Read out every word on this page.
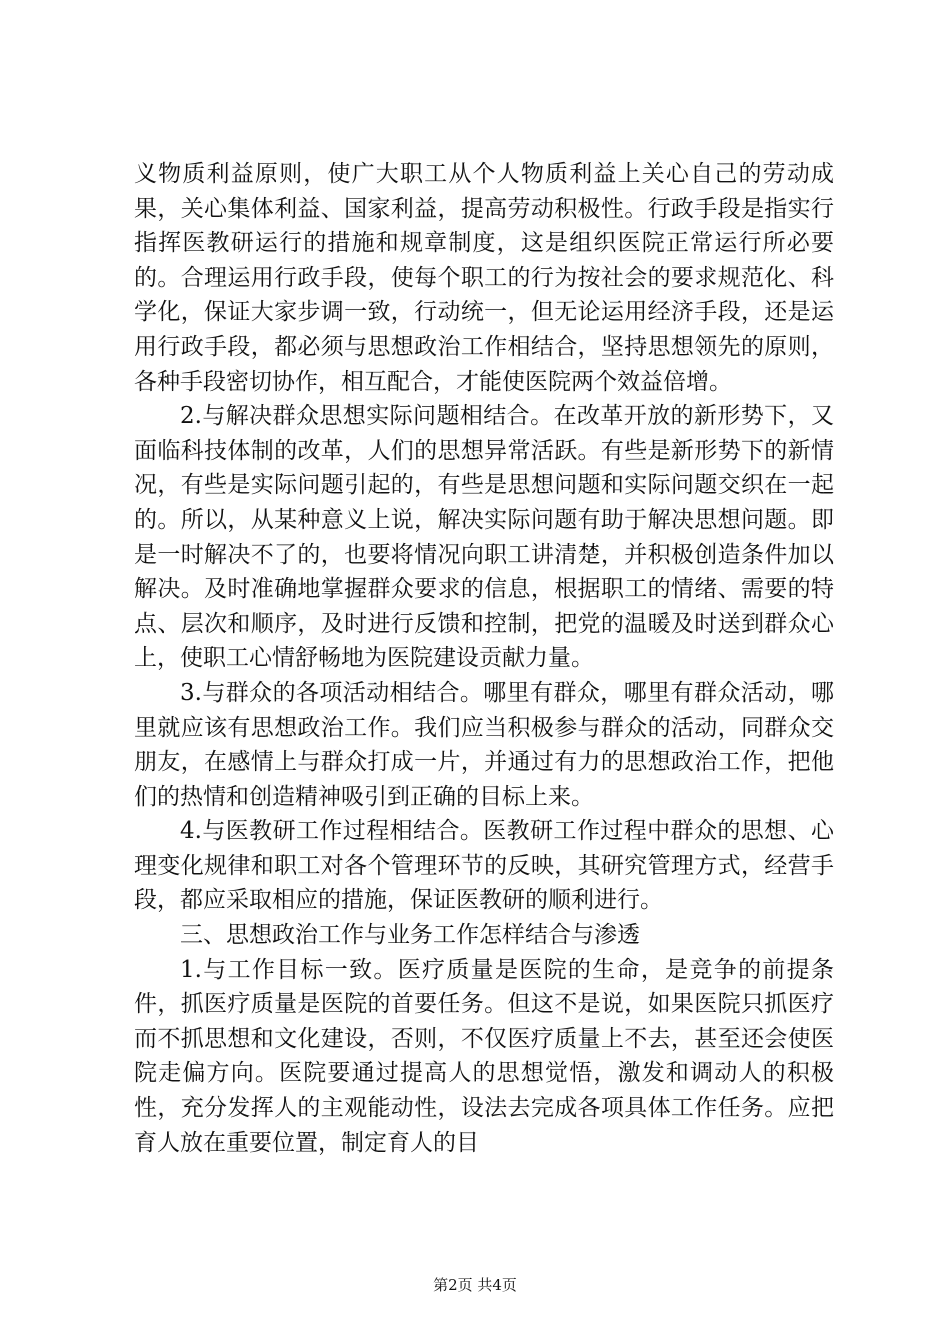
义物质利益原则，使广大职工从个人物质利益上关心自己的劳动成果，关心集体利益、国家利益，提高劳动积极性。行政手段是指实行指挥医教研运行的措施和规章制度，这是组织医院正常运行所必要的。合理运用行政手段，使每个职工的行为按社会的要求规范化、科学化，保证大家步调一致，行动统一，但无论运用经济手段，还是运用行政手段，都必须与思想政治工作相结合，坚持思想领先的原则，各种手段密切协作，相互配合，才能使医院两个效益倍增。

2.与解决群众思想实际问题相结合。在改革开放的新形势下，又面临科技体制的改革，人们的思想异常活跃。有些是新形势下的新情况，有些是实际问题引起的，有些是思想问题和实际问题交织在一起的。所以，从某种意义上说，解决实际问题有助于解决思想问题。即是一时解决不了的，也要将情况向职工讲清楚，并积极创造条件加以解决。及时准确地掌握群众要求的信息，根据职工的情绪、需要的特点、层次和顺序，及时进行反馈和控制，把党的温暖及时送到群众心上，使职工心情舒畅地为医院建设贡献力量。

3.与群众的各项活动相结合。哪里有群众，哪里有群众活动，哪里就应该有思想政治工作。我们应当积极参与群众的活动，同群众交朋友，在感情上与群众打成一片，并通过有力的思想政治工作，把他们的热情和创造精神吸引到正确的目标上来。

4.与医教研工作过程相结合。医教研工作过程中群众的思想、心理变化规律和职工对各个管理环节的反映，其研究管理方式，经营手段，都应采取相应的措施，保证医教研的顺利进行。

三、思想政治工作与业务工作怎样结合与渗透

1.与工作目标一致。医疗质量是医院的生命，是竞争的前提条件，抓医疗质量是医院的首要任务。但这不是说，如果医院只抓医疗而不抓思想和文化建设，否则，不仅医疗质量上不去，甚至还会使医院走偏方向。医院要通过提高人的思想觉悟，激发和调动人的积极性，充分发挥人的主观能动性，设法去完成各项具体工作任务。应把育人放在重要位置，制定育人的目

第2页 共4页
